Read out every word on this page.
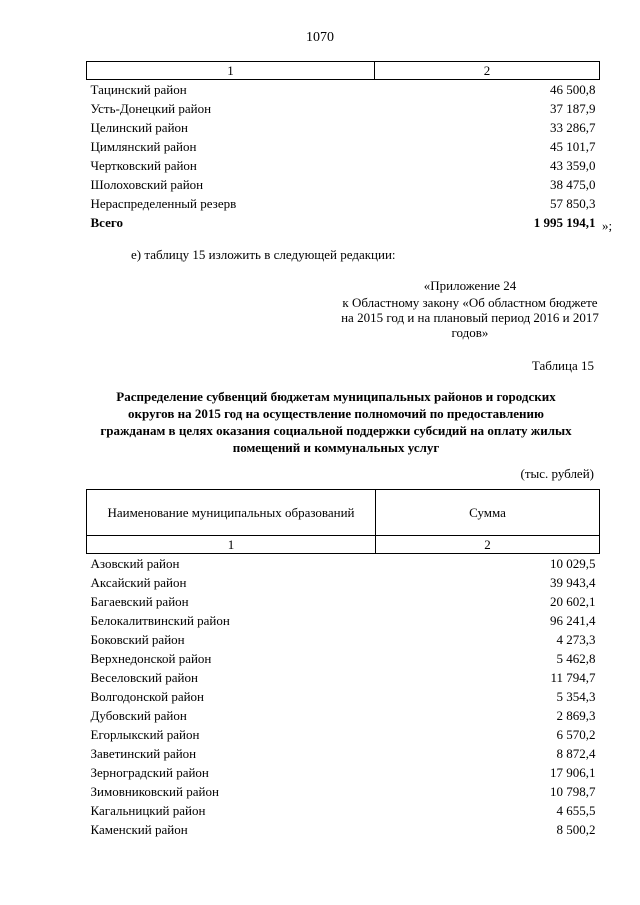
1070
1	2
Тацинский район	46 500,8
Усть-Донецкий район	37 187,9
Целинский район	33 286,7
Цимлянский район	45 101,7
Чертковский район	43 359,0
Шолоховский район	38 475,0
Нераспределенный резерв	57 850,3
Всего	1 995 194,1 »;
е) таблицу 15 изложить в следующей редакции:
«Приложение 24
к Областному закону «Об областном бюджете на 2015 год и на плановый период 2016 и 2017 годов»
Таблица 15
Распределение субвенций бюджетам муниципальных районов и городских округов на 2015 год на осуществление полномочий по предоставлению гражданам в целях оказания социальной поддержки субсидий на оплату жилых помещений и коммунальных услуг
(тыс. рублей)
Наименование муниципальных образований	Сумма
1	2
Азовский район	10 029,5
Аксайский район	39 943,4
Багаевский район	20 602,1
Белокалитвинский район	96 241,4
Боковский район	4 273,3
Верхнедонской район	5 462,8
Веселовский район	11 794,7
Волгодонской район	5 354,3
Дубовский район	2 869,3
Егорлыкский район	6 570,2
Заветинский район	8 872,4
Зерноградский район	17 906,1
Зимовниковский район	10 798,7
Кагальницкий район	4 655,5
Каменский район	8 500,2
